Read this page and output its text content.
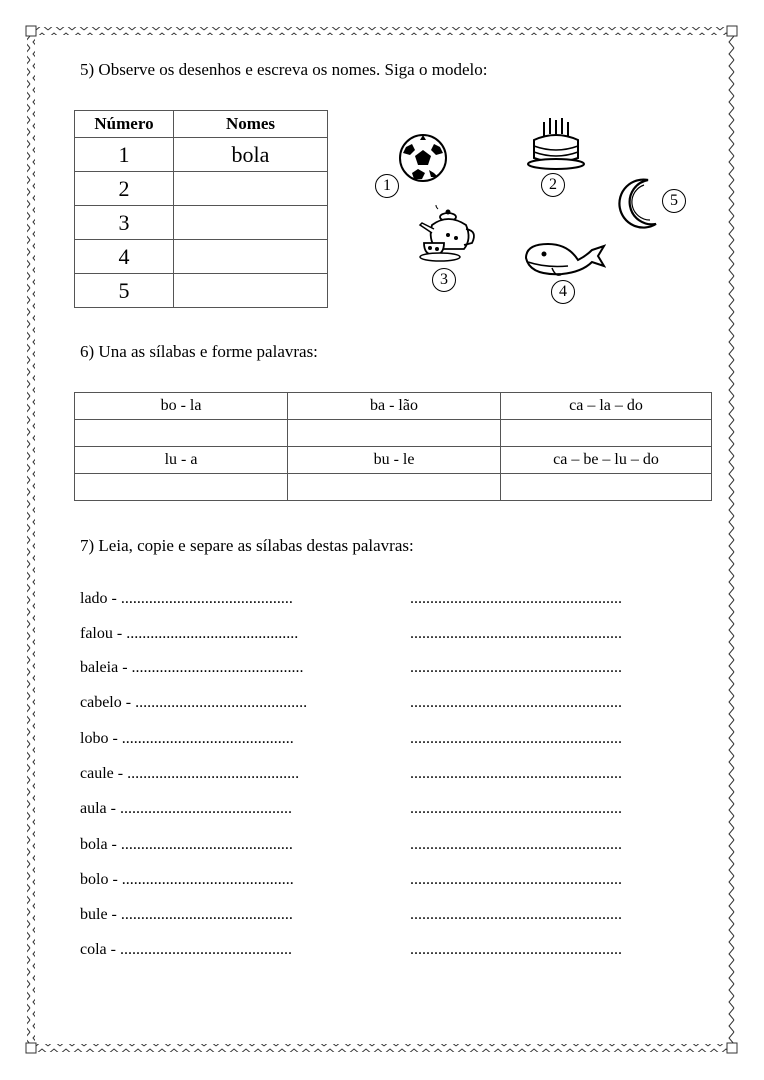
5) Observe os desenhos e escreva os nomes. Siga o modelo:
Número	Nomes
1	bola
2	
3	
4	
5	
1	2
5
3
4
6) Una as sílabas e forme palavras:
bo - la	ba - lão	ca – la – do

lu - a	bu - le	ca – be – lu – do

7) Leia, copie e separe as sílabas destas palavras:
lado - ...........................................	.....................................................
falou - ...........................................	.....................................................
baleia - ...........................................	.....................................................
cabelo - ...........................................	.....................................................
lobo - ...........................................	.....................................................
caule - ...........................................	.....................................................
aula - ...........................................	.....................................................
bola - ...........................................	.....................................................
bolo - ...........................................	.....................................................
bule - ...........................................	.....................................................
cola - ...........................................	.....................................................
